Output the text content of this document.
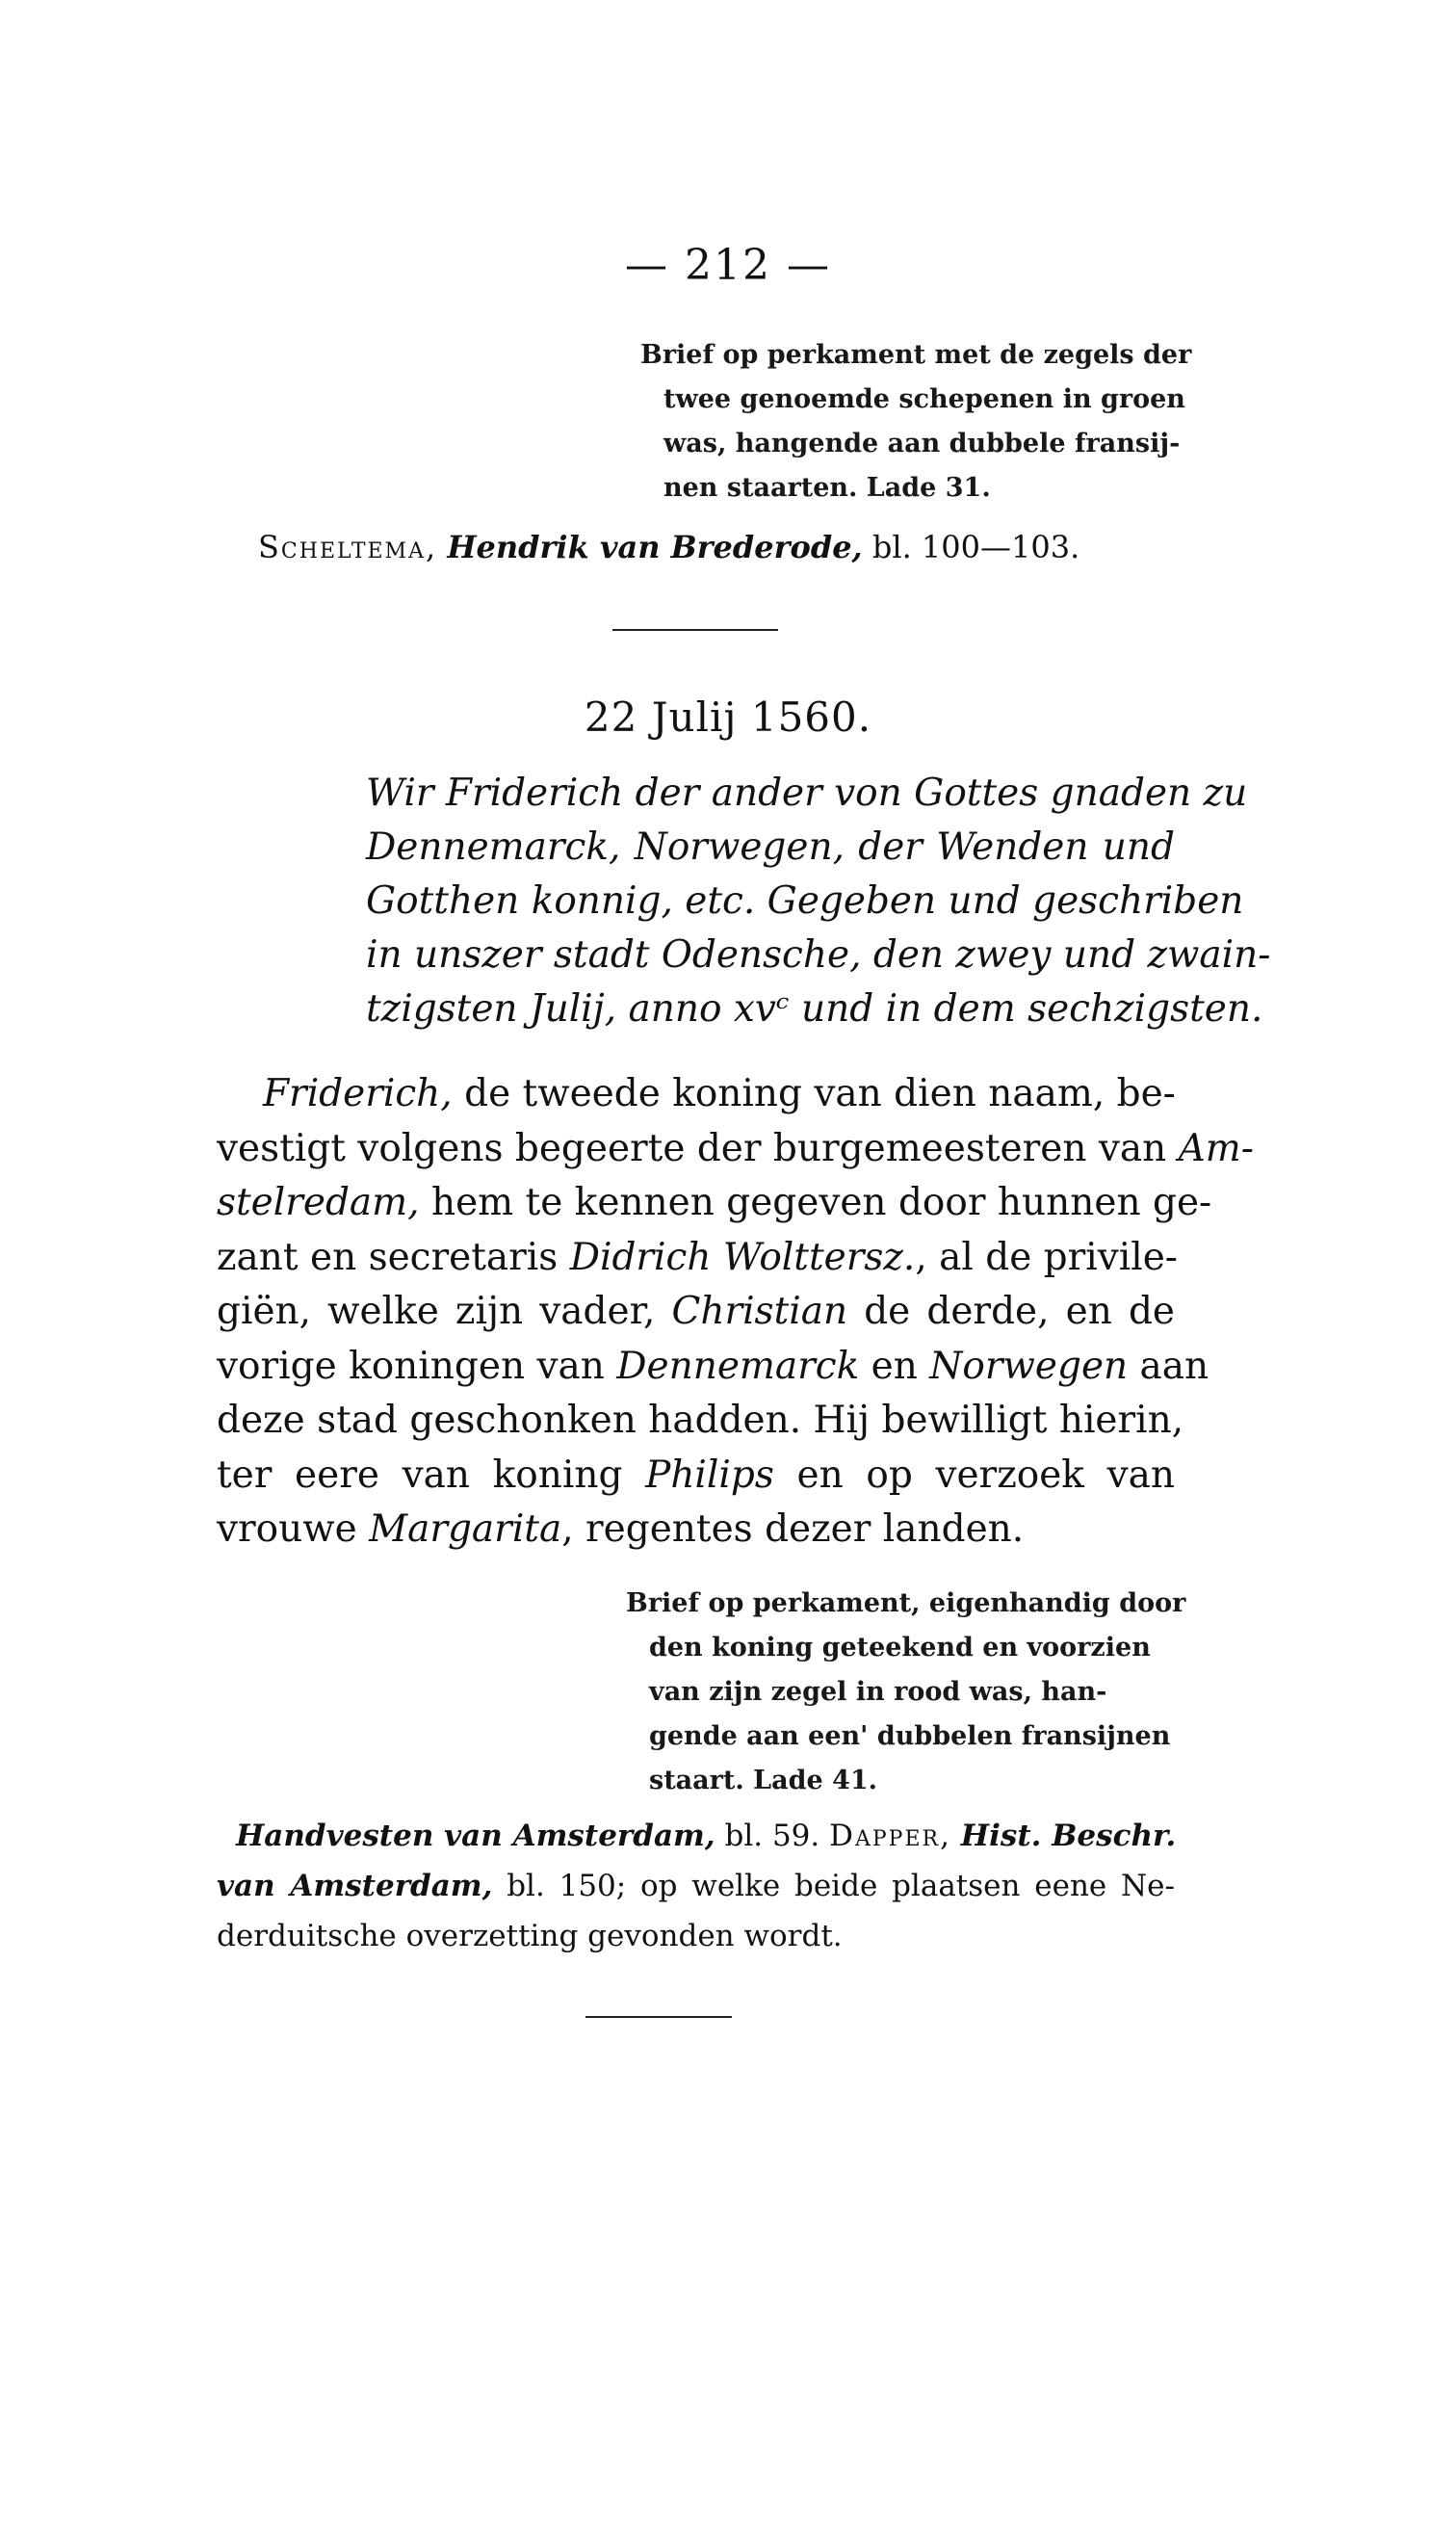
— 212 —
Brief op perkament met de zegels der
twee genoemde schepenen in groen
was, hangende aan dubbele fransij-
nen staarten. Lade 31.
Scheltema, Hendrik van Brederode, bl. 100—103.
22 Julij 1560.
Wir Friderich der ander von Gottes gnaden zu
Dennemarck, Norwegen, der Wenden und
Gotthen konnig, etc. Gegeben und geschriben
in unszer stadt Odensche, den zwey und zwain-
tzigsten Julij, anno xvᶜ und in dem sechzigsten.
Friderich, de tweede koning van dien naam, be-
vestigt volgens begeerte der burgemeesteren van Am-
stelredam, hem te kennen gegeven door hunnen ge-
zant en secretaris Didrich Wolttersz., al de privile-
giën, welke zijn vader, Christian de derde, en de
vorige koningen van Dennemarck en Norwegen aan
deze stad geschonken hadden. Hij bewilligt hierin,
ter eere van koning Philips en op verzoek van
vrouwe Margarita, regentes dezer landen.
Brief op perkament, eigenhandig door
den koning geteekend en voorzien
van zijn zegel in rood was, han-
gende aan een' dubbelen fransijnen
staart. Lade 41.
Handvesten van Amsterdam, bl. 59. Dapper, Hist. Beschr.
van Amsterdam, bl. 150; op welke beide plaatsen eene Ne-
derduitsche overzetting gevonden wordt.
